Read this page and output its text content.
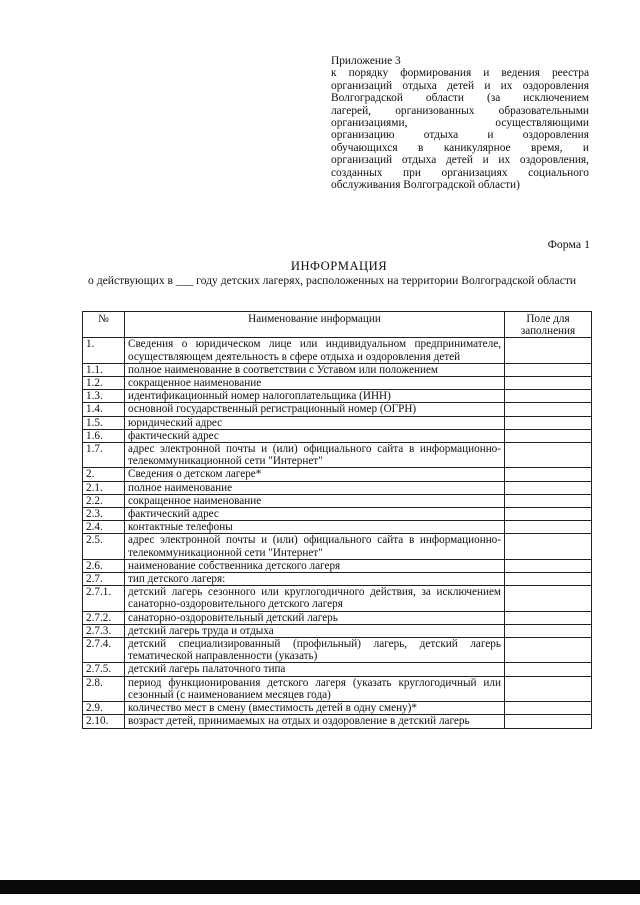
Приложение 3
к порядку формирования и ведения реестра
организаций отдыха детей и их оздоровления
Волгоградской области (за исключением
лагерей, организованных образовательными
организациями, осуществляющими
организацию отдыха и оздоровления
обучающихся в каникулярное время, и
организаций отдыха детей и их оздоровления,
созданных при организациях социального
обслуживания Волгоградской области)
Форма 1
ИНФОРМАЦИЯ
о действующих в ___ году детских лагерях, расположенных на территории Волгоградской области
№	Наименование информации	Поле для заполнения
1.	Сведения о юридическом лице или индивидуальном предпринимателе, осуществляющем деятельность в сфере отдыха и оздоровления детей	
1.1.	полное наименование в соответствии с Уставом или положением	
1.2.	сокращенное наименование	
1.3.	идентификационный номер налогоплательщика (ИНН)	
1.4.	основной государственный регистрационный номер (ОГРН)	
1.5.	юридический адрес	
1.6.	фактический адрес	
1.7.	адрес электронной почты и (или) официального сайта в информационно-телекоммуникационной сети "Интернет"	
2.	Сведения о детском лагере*	
2.1.	полное наименование	
2.2.	сокращенное наименование	
2.3.	фактический адрес	
2.4.	контактные телефоны	
2.5.	адрес электронной почты и (или) официального сайта в информационно-телекоммуникационной сети "Интернет"	
2.6.	наименование собственника детского лагеря	
2.7.	тип детского лагеря:	
2.7.1.	детский лагерь сезонного или круглогодичного действия, за исключением санаторно-оздоровительного детского лагеря	
2.7.2.	санаторно-оздоровительный детский лагерь	
2.7.3.	детский лагерь труда и отдыха	
2.7.4.	детский специализированный (профильный) лагерь, детский лагерь тематической направленности (указать)	
2.7.5.	детский лагерь палаточного типа	
2.8.	период функционирования детского лагеря (указать круглогодичный или сезонный (с наименованием месяцев года)	
2.9.	количество мест в смену (вместимость детей в одну смену)*	
2.10.	возраст детей, принимаемых на отдых и оздоровление в детский лагерь	
